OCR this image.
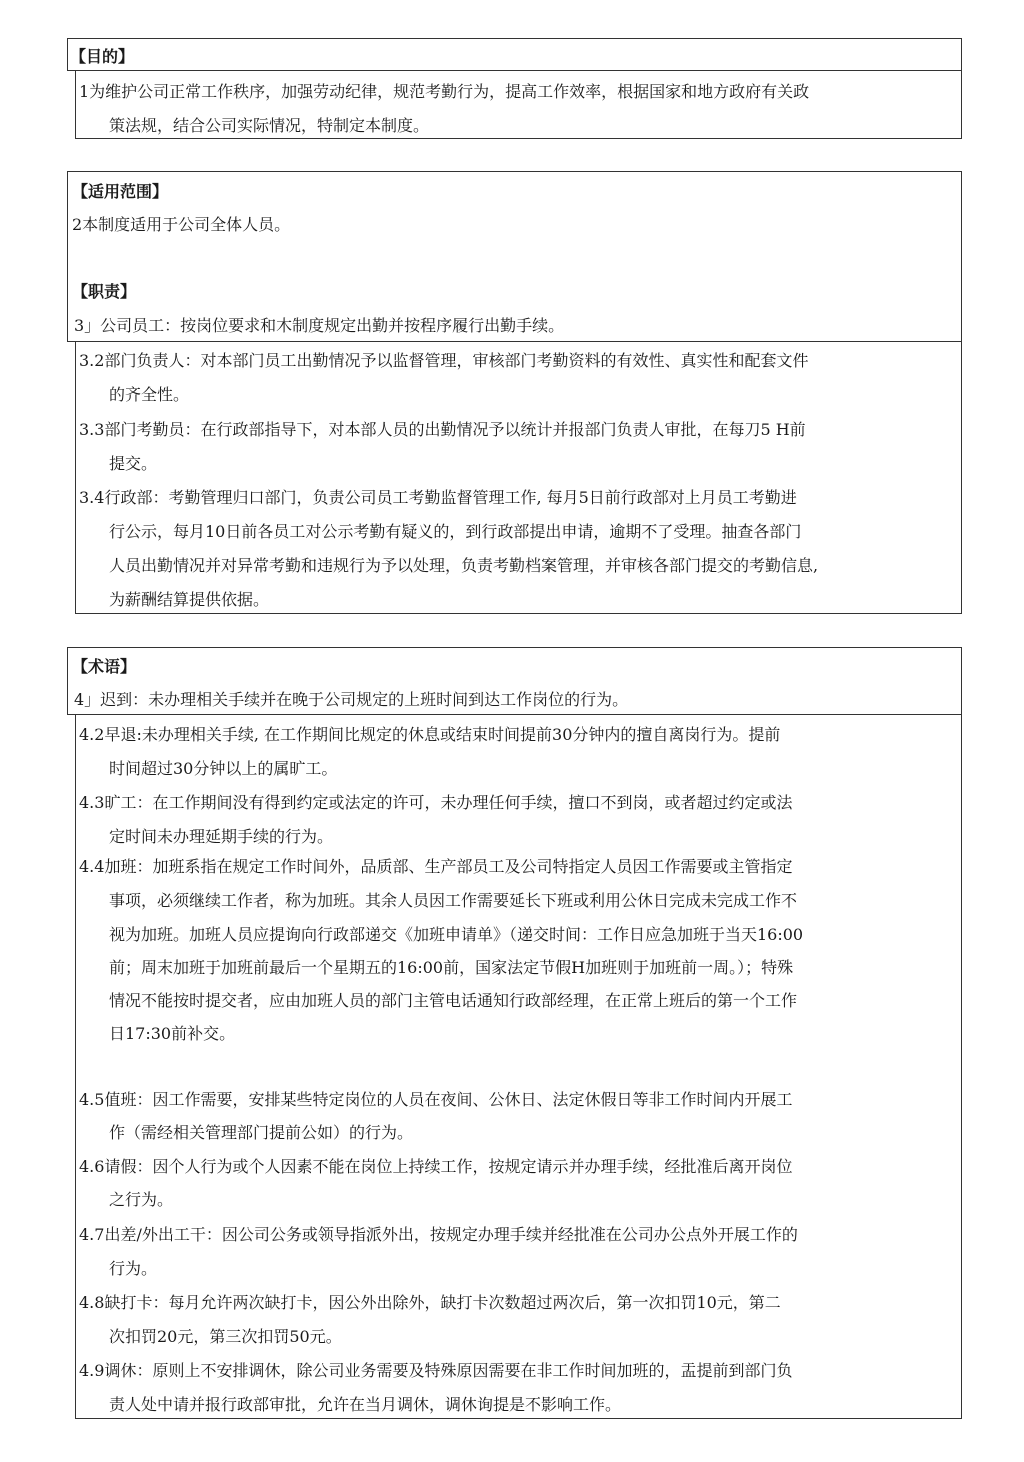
【目的】
1为维护公司正常工作秩序，加强劳动纪律，规范考勤行为，提高工作效率，根据国家和地方政府有关政
策法规，结合公司实际情况，特制定本制度。
【适用范围】
2本制度适用于公司全体人员。
【职责】
3」公司员工：按岗位要求和木制度规定出勤并按程序履行出勤手续。
3.2部门负责人：对本部门员工出勤情况予以监督管理，审核部门考勤资料的有效性、真实性和配套文件
的齐全性。
3.3部门考勤员：在行政部指导下，对本部人员的出勤情况予以统计并报部门负责人审批，在每刀5 H前
提交。
3.4行政部：考勤管理归口部门，负责公司员工考勤监督管理工作, 每月5日前行政部对上月员工考勤进
行公示，每月10日前各员工对公示考勤有疑义的，到行政部提出申请，逾期不了受理。抽查各部门
人员出勤情况并对异常考勤和违规行为予以处理，负责考勤档案管理，并审核各部门提交的考勤信息,
为薪酬结算提供依据。
【术语】
4」迟到：未办理相关手续并在晚于公司规定的上班时间到达工作岗位的行为。
4.2早退:未办理相关手续, 在工作期间比规定的休息或结束时间提前30分钟内的擅自离岗行为。提前
时间超过30分钟以上的属旷工。
4.3旷工：在工作期间没有得到约定或法定的许可，未办理任何手续，擅口不到岗，或者超过约定或法
定时间未办理延期手续的行为。
4.4加班：加班系指在规定工作时间外，品质部、生产部员工及公司特指定人员因工作需要或主管指定
事项，必须继续工作者，称为加班。其余人员因工作需要延长下班或利用公休日完成未完成工作不
视为加班。加班人员应提询向行政部递交《加班申请单》（递交时间：工作日应急加班于当天16:00
前；周末加班于加班前最后一个星期五的16:00前，国家法定节假H加班则于加班前一周。）；特殊
情况不能按时提交者，应由加班人员的部门主管电话通知行政部经理，在正常上班后的第一个工作
日17:30前补交。
4.5值班：因工作需要，安排某些特定岗位的人员在夜间、公休日、法定休假日等非工作时间内开展工
作（需经相关管理部门提前公如）的行为。
4.6请假：因个人行为或个人因素不能在岗位上持续工作，按规定请示并办理手续，经批准后离开岗位
之行为。
4.7出差/外出工干：因公司公务或领导指派外出，按规定办理手续并经批准在公司办公点外开展工作的
行为。
4.8缺打卡：每月允许两次缺打卡，因公外出除外，缺打卡次数超过两次后，第一次扣罚10元，第二
次扣罚20元，第三次扣罚50元。
4.9调休：原则上不安排调休，除公司业务需要及特殊原因需要在非工作时间加班的，盂提前到部门负
责人处中请并报行政部审批，允许在当月调休，调休询提是不影响工作。
